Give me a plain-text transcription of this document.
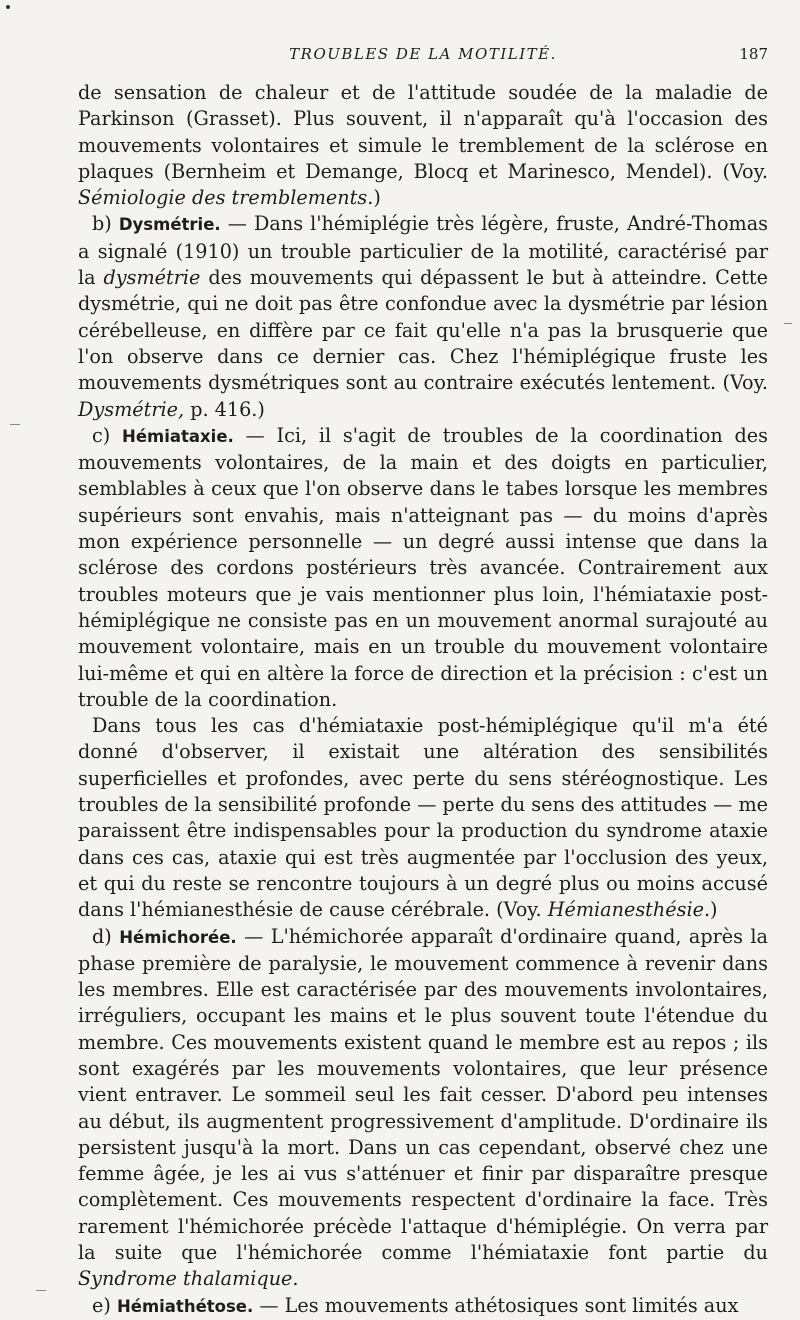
TROUBLES DE LA MOTILITÉ.	187

de sensation de chaleur et de l'attitude soudée de la maladie de Parkinson (Grasset). Plus souvent, il n'apparaît qu'à l'occasion des mouvements volontaires et simule le tremblement de la sclérose en plaques (Bernheim et Demange, Blocq et Marinesco, Mendel). (Voy. Sémiologie des tremblements.)

b) Dysmétrie. — Dans l'hémiplégie très légère, fruste, André-Thomas a signalé (1910) un trouble particulier de la motilité, caractérisé par la dysmétrie des mouvements qui dépassent le but à atteindre. Cette dysmétrie, qui ne doit pas être confondue avec la dysmétrie par lésion cérébelleuse, en diffère par ce fait qu'elle n'a pas la brusquerie que l'on observe dans ce dernier cas. Chez l'hémiplégique fruste les mouvements dysmétriques sont au contraire exécutés lentement. (Voy. Dysmétrie, p. 416.)

c) Hémiataxie. — Ici, il s'agit de troubles de la coordination des mouvements volontaires, de la main et des doigts en particulier, semblables à ceux que l'on observe dans le tabes lorsque les membres supérieurs sont envahis, mais n'atteignant pas — du moins d'après mon expérience personnelle — un degré aussi intense que dans la sclérose des cordons postérieurs très avancée. Contrairement aux troubles moteurs que je vais mentionner plus loin, l'hémiataxie post-hémiplégique ne consiste pas en un mouvement anormal surajouté au mouvement volontaire, mais en un trouble du mouvement volontaire lui-même et qui en altère la force de direction et la précision : c'est un trouble de la coordination.

Dans tous les cas d'hémiataxie post-hémiplégique qu'il m'a été donné d'observer, il existait une altération des sensibilités superficielles et profondes, avec perte du sens stéréognostique. Les troubles de la sensibilité profonde — perte du sens des attitudes — me paraissent être indispensables pour la production du syndrome ataxie dans ces cas, ataxie qui est très augmentée par l'occlusion des yeux, et qui du reste se rencontre toujours à un degré plus ou moins accusé dans l'hémianesthésie de cause cérébrale. (Voy. Hémianesthésie.)

d) Hémichorée. — L'hémichorée apparaît d'ordinaire quand, après la phase première de paralysie, le mouvement commence à revenir dans les membres. Elle est caractérisée par des mouvements involontaires, irréguliers, occupant les mains et le plus souvent toute l'étendue du membre. Ces mouvements existent quand le membre est au repos ; ils sont exagérés par les mouvements volontaires, que leur présence vient entraver. Le sommeil seul les fait cesser. D'abord peu intenses au début, ils augmentent progressivement d'amplitude. D'ordinaire ils persistent jusqu'à la mort. Dans un cas cependant, observé chez une femme âgée, je les ai vus s'atténuer et finir par disparaître presque complètement. Ces mouvements respectent d'ordinaire la face. Très rarement l'hémichorée précède l'attaque d'hémiplégie. On verra par la suite que l'hémichorée comme l'hémiataxie font partie du Syndrome thalamique.

e) Hémiathétose. — Les mouvements athétosiques sont limités aux
